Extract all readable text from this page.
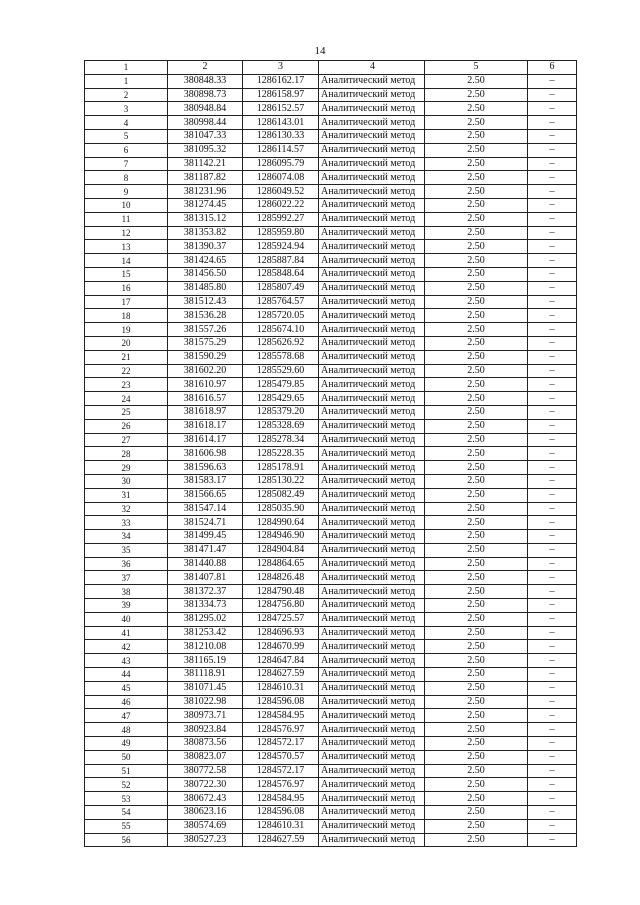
14
1	2	3	4	5	6
1	380848.33	1286162.17	Аналитический метод	2.50	–
2	380898.73	1286158.97	Аналитический метод	2.50	–
3	380948.84	1286152.57	Аналитический метод	2.50	–
4	380998.44	1286143.01	Аналитический метод	2.50	–
5	381047.33	1286130.33	Аналитический метод	2.50	–
6	381095.32	1286114.57	Аналитический метод	2.50	–
7	381142.21	1286095.79	Аналитический метод	2.50	–
8	381187.82	1286074.08	Аналитический метод	2.50	–
9	381231.96	1286049.52	Аналитический метод	2.50	–
10	381274.45	1286022.22	Аналитический метод	2.50	–
11	381315.12	1285992.27	Аналитический метод	2.50	–
12	381353.82	1285959.80	Аналитический метод	2.50	–
13	381390.37	1285924.94	Аналитический метод	2.50	–
14	381424.65	1285887.84	Аналитический метод	2.50	–
15	381456.50	1285848.64	Аналитический метод	2.50	–
16	381485.80	1285807.49	Аналитический метод	2.50	–
17	381512.43	1285764.57	Аналитический метод	2.50	–
18	381536.28	1285720.05	Аналитический метод	2.50	–
19	381557.26	1285674.10	Аналитический метод	2.50	–
20	381575.29	1285626.92	Аналитический метод	2.50	–
21	381590.29	1285578.68	Аналитический метод	2.50	–
22	381602.20	1285529.60	Аналитический метод	2.50	–
23	381610.97	1285479.85	Аналитический метод	2.50	–
24	381616.57	1285429.65	Аналитический метод	2.50	–
25	381618.97	1285379.20	Аналитический метод	2.50	–
26	381618.17	1285328.69	Аналитический метод	2.50	–
27	381614.17	1285278.34	Аналитический метод	2.50	–
28	381606.98	1285228.35	Аналитический метод	2.50	–
29	381596.63	1285178.91	Аналитический метод	2.50	–
30	381583.17	1285130.22	Аналитический метод	2.50	–
31	381566.65	1285082.49	Аналитический метод	2.50	–
32	381547.14	1285035.90	Аналитический метод	2.50	–
33	381524.71	1284990.64	Аналитический метод	2.50	–
34	381499.45	1284946.90	Аналитический метод	2.50	–
35	381471.47	1284904.84	Аналитический метод	2.50	–
36	381440.88	1284864.65	Аналитический метод	2.50	–
37	381407.81	1284826.48	Аналитический метод	2.50	–
38	381372.37	1284790.48	Аналитический метод	2.50	–
39	381334.73	1284756.80	Аналитический метод	2.50	–
40	381295.02	1284725.57	Аналитический метод	2.50	–
41	381253.42	1284696.93	Аналитический метод	2.50	–
42	381210.08	1284670.99	Аналитический метод	2.50	–
43	381165.19	1284647.84	Аналитический метод	2.50	–
44	381118.91	1284627.59	Аналитический метод	2.50	–
45	381071.45	1284610.31	Аналитический метод	2.50	–
46	381022.98	1284596.08	Аналитический метод	2.50	–
47	380973.71	1284584.95	Аналитический метод	2.50	–
48	380923.84	1284576.97	Аналитический метод	2.50	–
49	380873.56	1284572.17	Аналитический метод	2.50	–
50	380823.07	1284570.57	Аналитический метод	2.50	–
51	380772.58	1284572.17	Аналитический метод	2.50	–
52	380722.30	1284576.97	Аналитический метод	2.50	–
53	380672.43	1284584.95	Аналитический метод	2.50	–
54	380623.16	1284596.08	Аналитический метод	2.50	–
55	380574.69	1284610.31	Аналитический метод	2.50	–
56	380527.23	1284627.59	Аналитический метод	2.50	–
